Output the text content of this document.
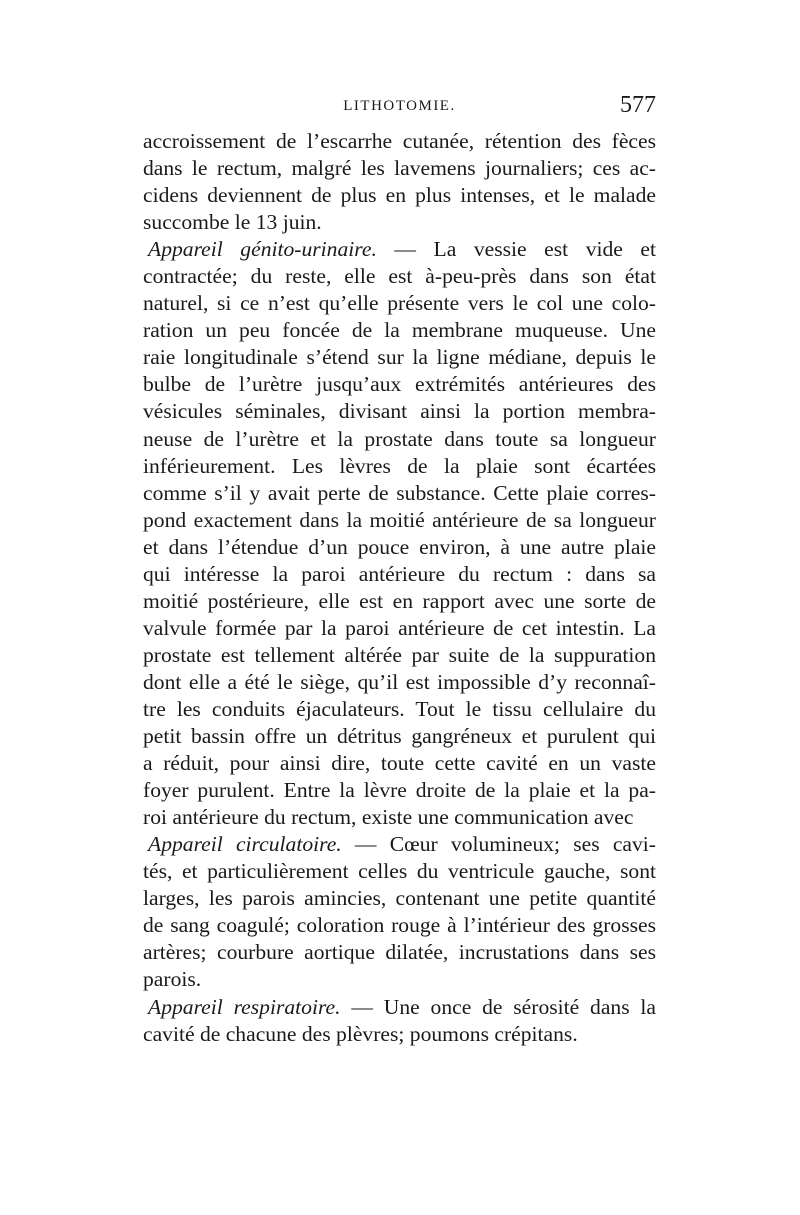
LITHOTOMIE.	577
accroissement de l’escarrhe cutanée, rétention des fèces
dans le rectum, malgré les lavemens journaliers; ces ac-
cidens deviennent de plus en plus intenses, et le malade
succombe le 13 juin.
Appareil génito-urinaire. — La vessie est vide et
contractée; du reste, elle est à-peu-près dans son état
naturel, si ce n’est qu’elle présente vers le col une colo-
ration un peu foncée de la membrane muqueuse. Une
raie longitudinale s’étend sur la ligne médiane, depuis le
bulbe de l’urètre jusqu’aux extrémités antérieures des
vésicules séminales, divisant ainsi la portion membra-
neuse de l’urètre et la prostate dans toute sa longueur
inférieurement. Les lèvres de la plaie sont écartées
comme s’il y avait perte de substance. Cette plaie corres-
pond exactement dans la moitié antérieure de sa longueur
et dans l’étendue d’un pouce environ, à une autre plaie
qui intéresse la paroi antérieure du rectum : dans sa
moitié postérieure, elle est en rapport avec une sorte de
valvule formée par la paroi antérieure de cet intestin. La
prostate est tellement altérée par suite de la suppuration
dont elle a été le siège, qu’il est impossible d’y reconnaî-
tre les conduits éjaculateurs. Tout le tissu cellulaire du
petit bassin offre un détritus gangréneux et purulent qui
a réduit, pour ainsi dire, toute cette cavité en un vaste
foyer purulent. Entre la lèvre droite de la plaie et la pa-
roi antérieure du rectum, existe une communication avec
Appareil circulatoire. — Cœur volumineux; ses cavi-
tés, et particulièrement celles du ventricule gauche, sont
larges, les parois amincies, contenant une petite quantité
de sang coagulé; coloration rouge à l’intérieur des grosses
artères; courbure aortique dilatée, incrustations dans ses
parois.
Appareil respiratoire. — Une once de sérosité dans la
cavité de chacune des plèvres; poumons crépitans.
